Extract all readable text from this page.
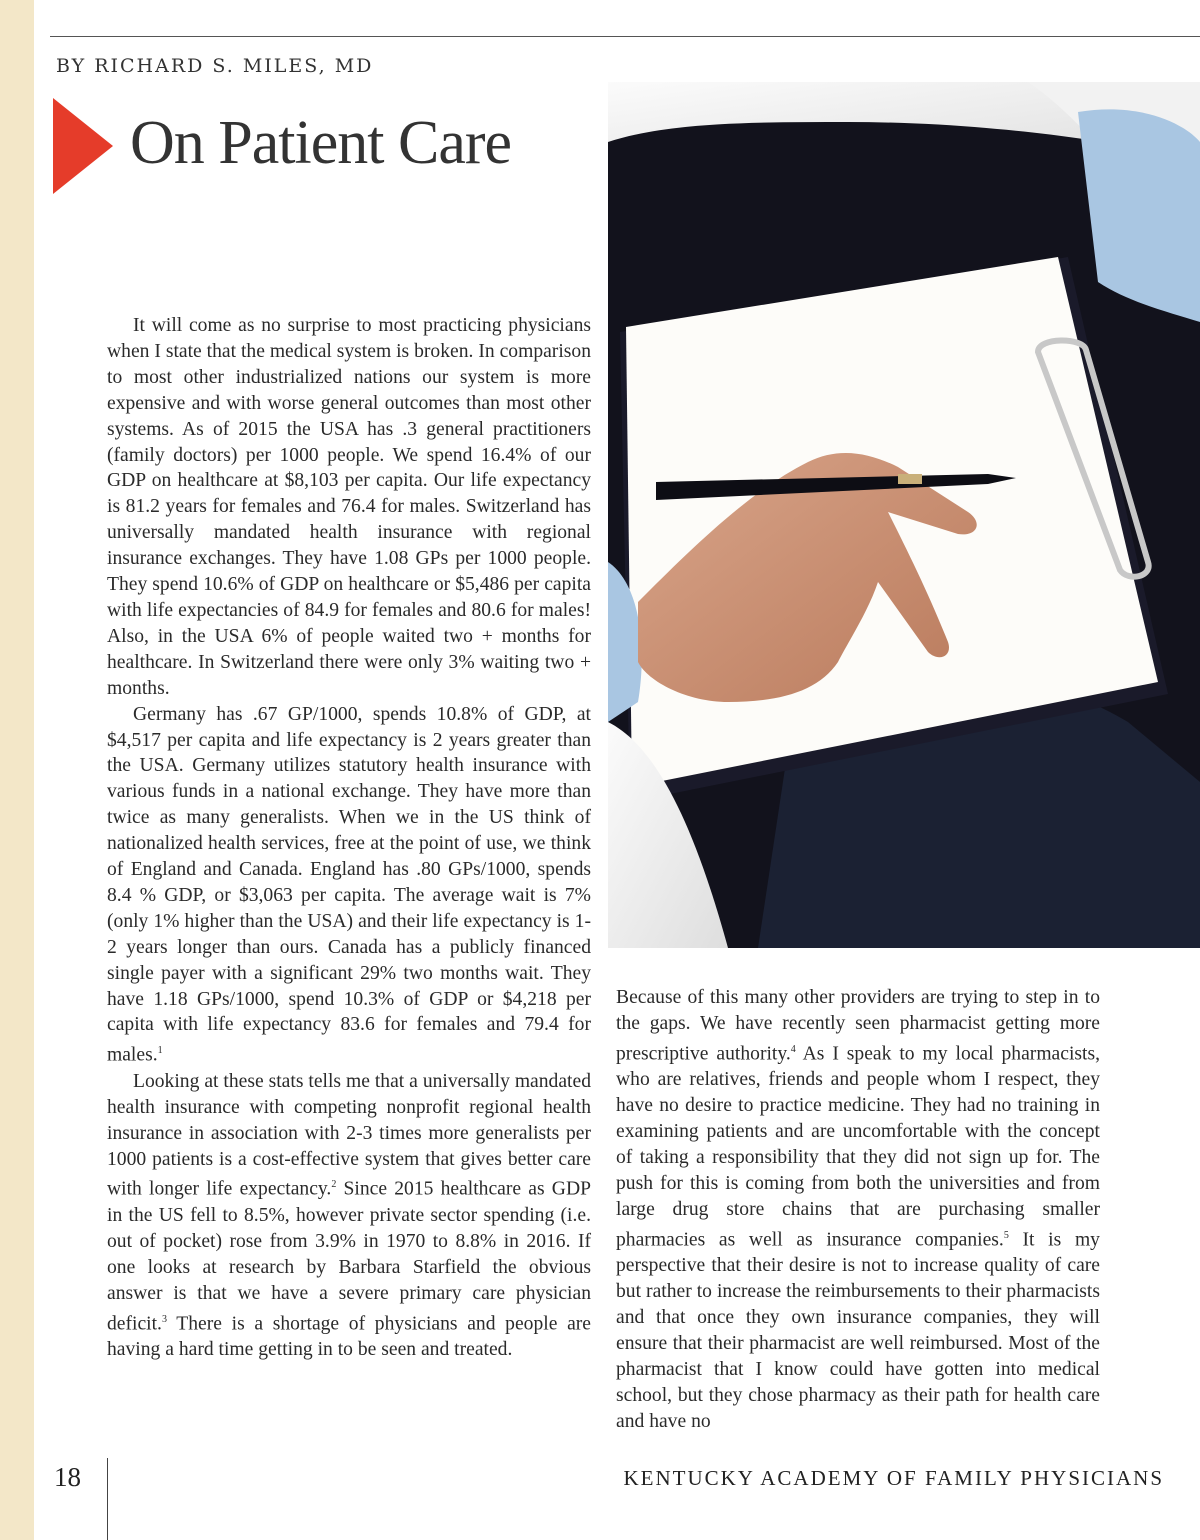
BY RICHARD S. MILES, MD
On Patient Care

It will come as no surprise to most practicing physicians when I state that the medical system is broken. In comparison to most other industrialized nations our system is more expensive and with worse general outcomes than most other systems. As of 2015 the USA has .3 general practitioners (family doctors) per 1000 people. We spend 16.4% of our GDP on healthcare at $8,103 per capita. Our life expectancy is 81.2 years for females and 76.4 for males. Switzerland has universally mandated health insurance with regional insurance exchanges. They have 1.08 GPs per 1000 people. They spend 10.6% of GDP on healthcare or $5,486 per capita with life expectancies of 84.9 for females and 80.6 for males! Also, in the USA 6% of people waited two + months for healthcare. In Switzerland there were only 3% waiting two + months.

Germany has .67 GP/1000, spends 10.8% of GDP, at $4,517 per capita and life expectancy is 2 years greater than the USA. Germany utilizes statutory health insurance with various funds in a national exchange. They have more than twice as many generalists. When we in the US think of nationalized health services, free at the point of use, we think of England and Canada. England has .80 GPs/1000, spends 8.4 % GDP, or $3,063 per capita. The average wait is 7% (only 1% higher than the USA) and their life expectancy is 1-2 years longer than ours. Canada has a publicly financed single payer with a significant 29% two months wait. They have 1.18 GPs/1000, spend 10.3% of GDP or $4,218 per capita with life expectancy 83.6 for females and 79.4 for males.$^1$

Looking at these stats tells me that a universally mandated health insurance with competing nonprofit regional health insurance in association with 2-3 times more generalists per 1000 patients is a cost-effective system that gives better care with longer life expectancy.$^2$ Since 2015 healthcare as GDP in the US fell to 8.5%, however private sector spending (i.e. out of pocket) rose from 3.9% in 1970 to 8.8% in 2016. If one looks at research by Barbara Starfield the obvious answer is that we have a severe primary care physician deficit.$^3$ There is a shortage of physicians and people are having a hard time getting in to be seen and treated.

Because of this many other providers are trying to step in to the gaps. We have recently seen pharmacist getting more prescriptive authority.$^4$ As I speak to my local pharmacists, who are relatives, friends and people whom I respect, they have no desire to practice medicine. They had no training in examining patients and are uncomfortable with the concept of taking a responsibility that they did not sign up for. The push for this is coming from both the universities and from large drug store chains that are purchasing smaller pharmacies as well as insurance companies.$^5$ It is my perspective that their desire is not to increase quality of care but rather to increase the reimbursements to their pharmacists and that once they own insurance companies, they will ensure that their pharmacist are well reimbursed. Most of the pharmacist that I know could have gotten into medical school, but they chose pharmacy as their path for health care and have no

18	KENTUCKY ACADEMY OF FAMILY PHYSICIANS
